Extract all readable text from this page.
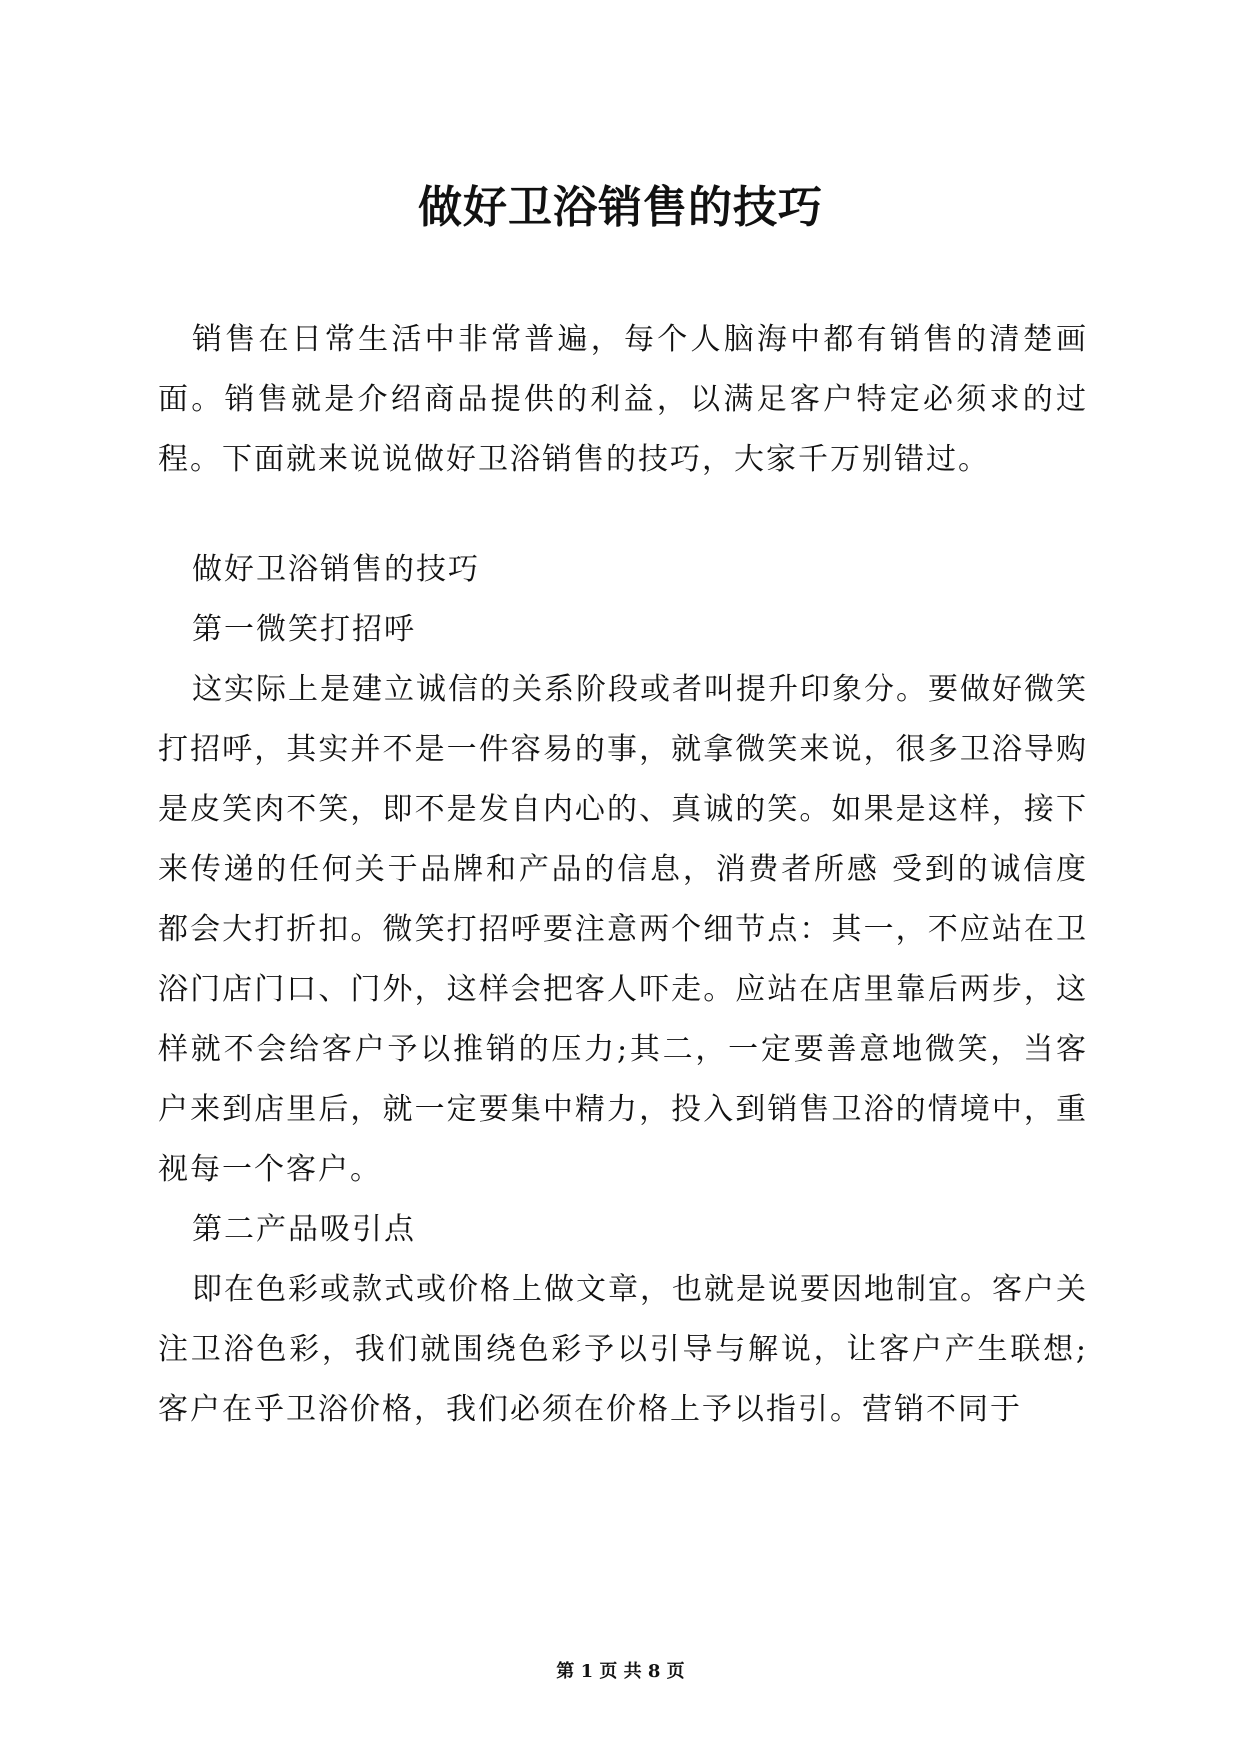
做好卫浴销售的技巧

销售在日常生活中非常普遍，每个人脑海中都有销售的清楚画面。销售就是介绍商品提供的利益，以满足客户特定必须求的过程。下面就来说说做好卫浴销售的技巧，大家千万别错过。

做好卫浴销售的技巧

第一微笑打招呼

这实际上是建立诚信的关系阶段或者叫提升印象分。要做好微笑 打招呼，其实并不是一件容易的事，就拿微笑来说，很多卫浴导购是皮笑肉不笑，即不是发自内心的、真诚的笑。如果是这样，接下来传递的任何关于品牌和产品的信息，消费者所感 受到的诚信度都会大打折扣。微笑打招呼要注意两个细节点：其一，不应站在卫浴门店门口、门外，这样会把客人吓走。应站在店里靠后两步，这样就不会给客户予以推销的压力;其二，一定要善意地微笑，当客户来到店里后，就一定要集中精力，投入到销售卫浴的情境中，重视每一个客户。

第二产品吸引点

即在色彩或款式或价格上做文章，也就是说要因地制宜。客户关注卫浴色彩，我们就围绕色彩予以引导与解说，让客户产生联想;客户在乎卫浴价格，我们必须在价格上予以指引。营销不同于

第 1 页 共 8 页
